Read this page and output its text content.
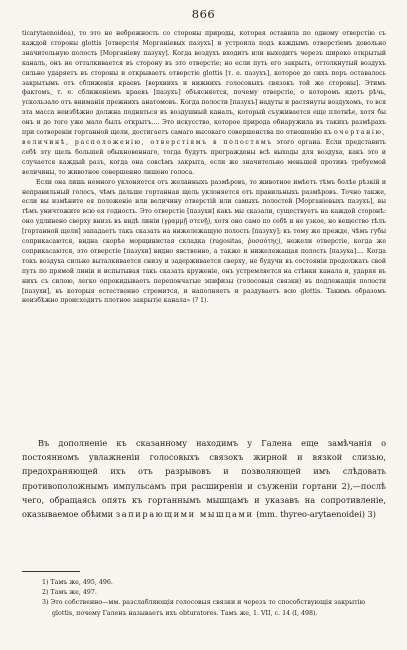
866

ticarytaenoidea), то это не небрежность со стороны природы, которая оставила по одному отверстію съ каждой стороны glottis [отверстія Морганіевых пазухъ] и устроила подъ каждымъ отверстіемъ довольно значительную полость [Морганіеву пазуху]. Когда воздухъ входитъ или выходитъ черезъ широко открытый каналъ, онъ не отталкивается въ сторону въ это отверстіе; но если путь его закрыть, оттолкнутый воздухъ сильно ударяетъ въ стороны и открываетъ отверстіе glottis [т. е. пазухъ], которое до сихъ поръ оставалось закрытымъ отъ сближенія краевъ [верхнихъ и нижнихъ голосовыхъ связокъ той же стороны]. Этимъ фактомъ, т. е. сближеніемъ краевъ [пазухъ] объясняется, почему отверстіе, о которомъ идетъ рѣчь, ускользало отъ вниманія прежнихъ анатомовъ. Когда полости [пазухъ] надуты и растянуты воздухомъ, то вся эта масса неизбѣжно должна подняться въ воздушный каналъ, который съуживается еще плотнѣе, хотя бы онъ и до того уже мало былъ открытъ.... Это искусство, которое природа обнаружила въ такихъ размѣрахъ при сотвореніи гортанной щели, достигаетъ самаго высокаго совершенства по отношенію къ очертанію, величинѣ, расположенію, отверстіямъ в полостямъ этого органа. Если представить себѣ эту щель большей обыкновеннаго, тогда будутъ преграждены всѣ выходы для воздуха, какъ это и случается каждый разъ, когда она совсѣмъ закрыта, если же значительно меньшей противъ требуемой величины, то животное совершенно лишено голоса.

Если она лишь немного уклоняется отъ желанныхъ размѣровъ, то животное имѣетъ тѣмъ болѣе рѣзкій и неправильный голосъ, чѣмъ дальше гортанная щель уклоняется отъ правильныхъ размѣровъ. Точно также, если вы измѣните ея положеніе или величину отверстій или самыхъ полостей [Морганіевыхъ пазухъ], вы тѣмъ уничтожите всю ея годность. Это отверстіе [пазухи] какъ мы сказали, существуетъ на каждой сторонѣ: оно удлинено сверху внизъ въ видѣ линіи (γραμμῇ στενῇ), хотя оно само по себѣ и не узкое, но вещество тѣлъ [гортанной щели] западаетъ такъ сказать на нижележащую полость [пазуху]; къ тому же прежде, чѣмъ губы соприкасаются, видна скорѣе морщинистая складка (rugositas, ῥυσσότης), нежели отверстіе, когда же соприкасаются, это отверстіе [пазухи] видно явственно, а также и нижележащая полость [пазуха].... Когда токъ воздуха сильно выталкивается снизу и задерживается сверху, не будучи въ состояніи продолжать свой путь по прямой линіи и испытывая такъ сказать круженіе, онъ устремляется на стѣнки канала и, ударяя въ нихъ съ силою, легко опрокидываетъ перепончатые эпифизы (голосовыя связки) въ подлежащія полости [пазухи], въ которыя естественно стремится, и наполняетъ и раздуваетъ всю glottis. Такимъ образомъ неизбѣжно происходитъ плотное закрытіе канала» (? 1).

Въ дополненіе къ сказанному находимъ у Галена еще замѣчанія о постоянномъ увлажненіи голосовыхъ связокъ жирной и вязкой слизью, предохраняющей ихъ отъ разрывовъ и позволяющей имъ слѣдовать противоположнымъ импульсамъ при расширеніи и съуженіи гортани 2),—послѣ чего, обращаясь опять къ гортаннымъ мышцамъ и указавъ на сопротивленіе, оказываемое обѣими запирающими мышцами (mm. thyreo-arytaenoidei) 3)

1) Тамъ же, 495, 496.

2) Тамъ же, 497.

3) Это собственно—мм. разслабляющія голосовыя связки и черезъ то способствующія закрытію glottis, почему Галенъ называетъ ихъ obturatores. Тамъ же, 1. VII, с. 14 (I, 498).
